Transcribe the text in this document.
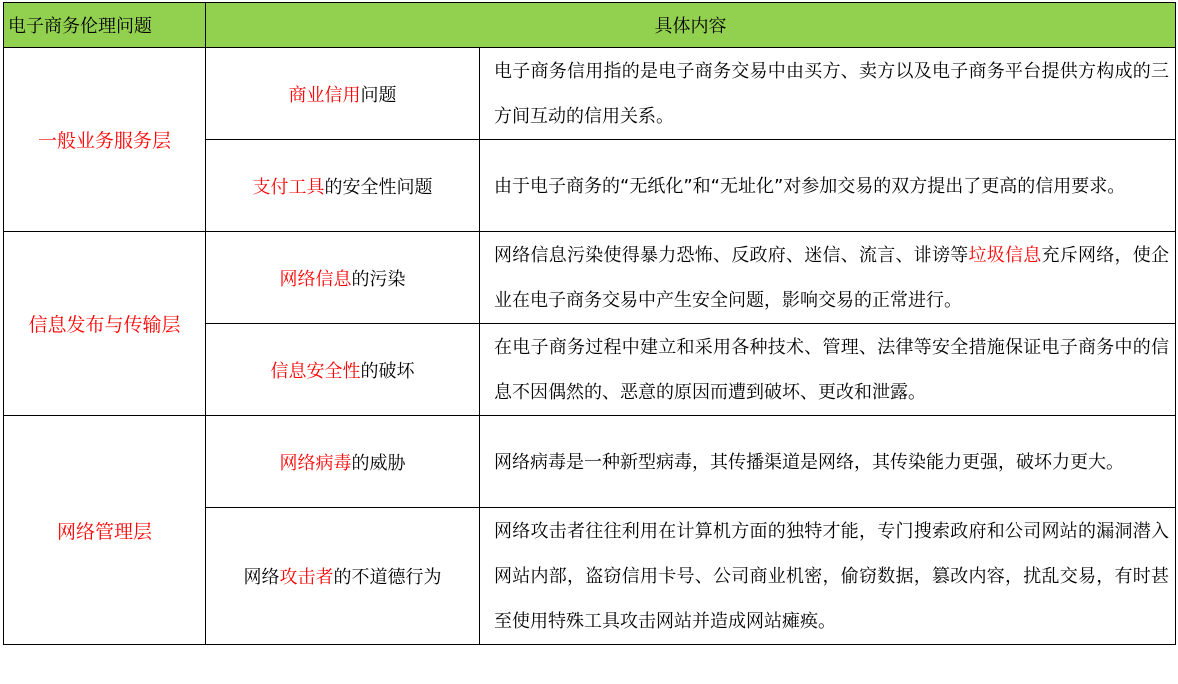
电子商务伦理问题	具体内容	
一般业务服务层	商业信用问题	电子商务信用指的是电子商务交易中由买方、卖方以及电子商务平台提供方构成的三方间互动的信用关系。
	支付工具的安全性问题	由于电子商务的“无纸化”和“无址化”对参加交易的双方提出了更高的信用要求。
信息发布与传输层	网络信息的污染	网络信息污染使得暴力恐怖、反政府、迷信、流言、诽谤等垃圾信息充斥网络，使企业在电子商务交易中产生安全问题，影响交易的正常进行。
	信息安全性的破坏	在电子商务过程中建立和采用各种技术、管理、法律等安全措施保证电子商务中的信息不因偶然的、恶意的原因而遭到破坏、更改和泄露。
网络管理层	网络病毒的威胁	网络病毒是一种新型病毒，其传播渠道是网络，其传染能力更强，破坏力更大。
	网络攻击者的不道德行为	网络攻击者往往利用在计算机方面的独特才能，专门搜索政府和公司网站的漏洞潜入网站内部，盗窃信用卡号、公司商业机密，偷窃数据，篡改内容，扰乱交易，有时甚至使用特殊工具攻击网站并造成网站瘫痪。
